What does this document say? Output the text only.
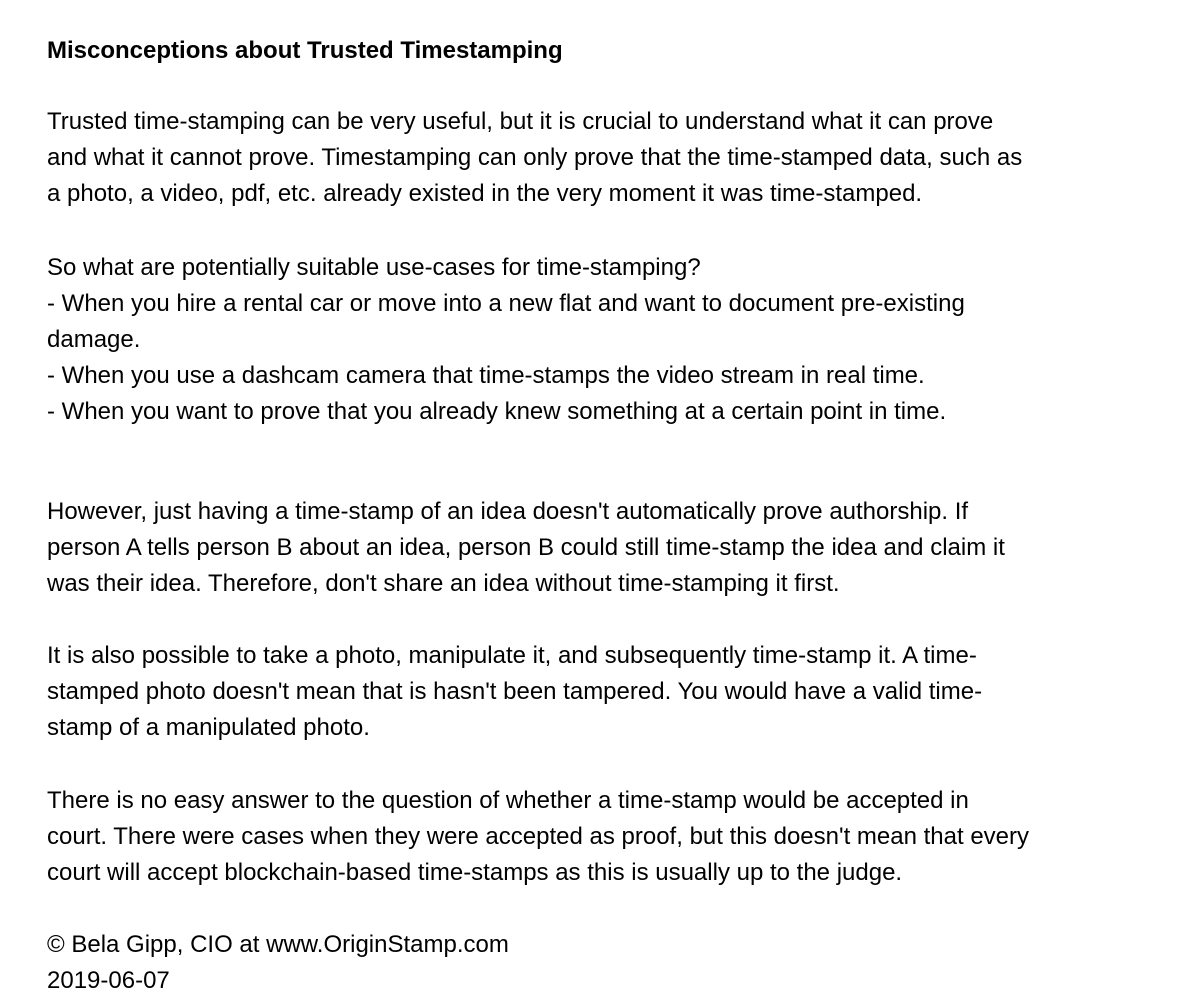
Misconceptions about Trusted Timestamping

Trusted time-stamping can be very useful, but it is crucial to understand what it can prove
and what it cannot prove. Timestamping can only prove that the time-stamped data, such as
a photo, a video, pdf, etc. already existed in the very moment it was time-stamped.

So what are potentially suitable use-cases for time-stamping?
- When you hire a rental car or move into a new flat and want to document pre-existing
damage.
- When you use a dashcam camera that time-stamps the video stream in real time.
- When you want to prove that you already knew something at a certain point in time.

However, just having a time-stamp of an idea doesn't automatically prove authorship. If
person A tells person B about an idea, person B could still time-stamp the idea and claim it
was their idea. Therefore, don't share an idea without time-stamping it first.

It is also possible to take a photo, manipulate it, and subsequently time-stamp it. A time-
stamped photo doesn't mean that is hasn't been tampered. You would have a valid time-
stamp of a manipulated photo.

There is no easy answer to the question of whether a time-stamp would be accepted in
court. There were cases when they were accepted as proof, but this doesn't mean that every
court will accept blockchain-based time-stamps as this is usually up to the judge.

© Bela Gipp, CIO at www.OriginStamp.com
2019-06-07
